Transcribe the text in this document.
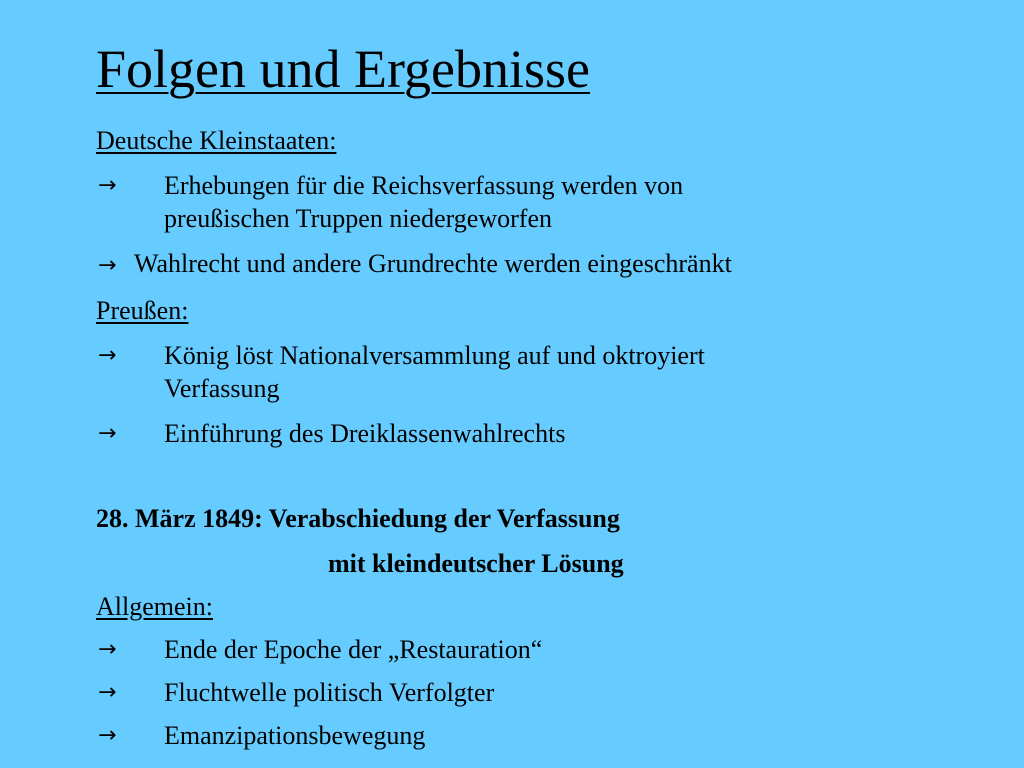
Folgen und Ergebnisse
Deutsche Kleinstaaten:
→	Erhebungen für die Reichsverfassung werden von
preußischen Truppen niedergeworfen
→ Wahlrecht und andere Grundrechte werden eingeschränkt
Preußen:
→	König löst Nationalversammlung auf und oktroyiert
Verfassung
→	Einführung des Dreiklassenwahlrechts
28. März 1849: Verabschiedung der Verfassung
mit kleindeutscher Lösung
Allgemein:
→	Ende der Epoche der „Restauration“
→	Fluchtwelle politisch Verfolgter
→	Emanzipationsbewegung
